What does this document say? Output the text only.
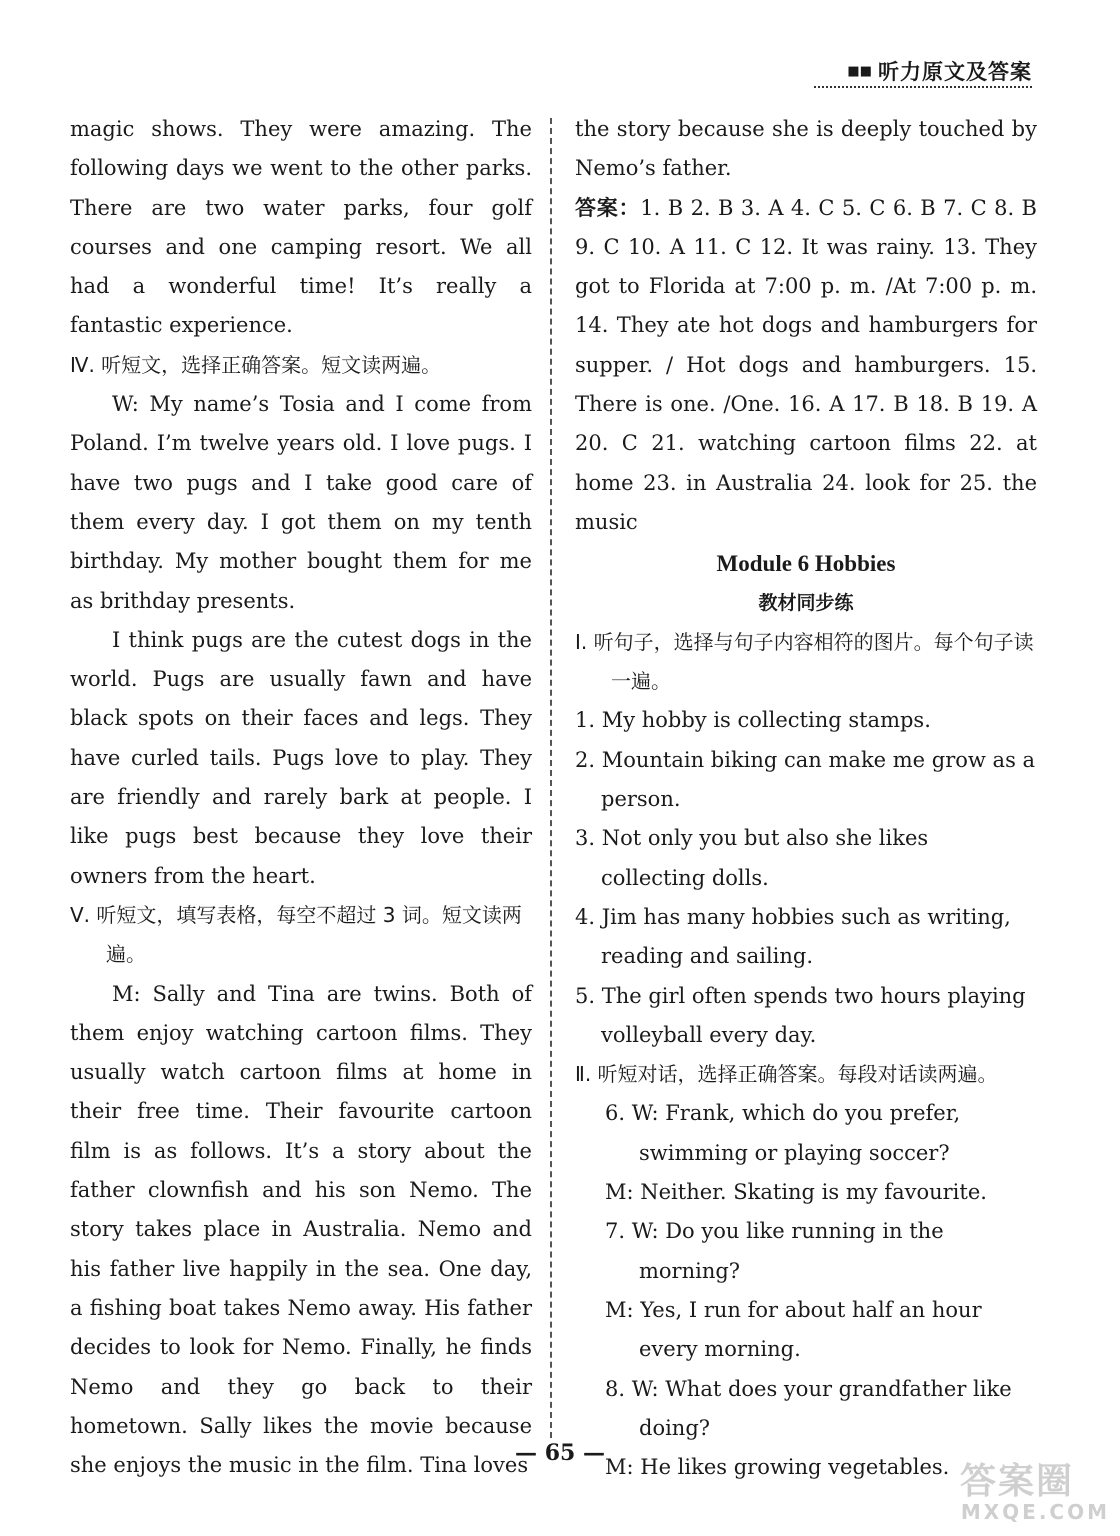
■■ 听力原文及答案

magic shows. They were amazing. The following days we went to the other parks. There are two water parks, four golf courses and one camping resort. We all had a wonderful time! It’s really a fantastic experience.

Ⅳ. 听短文，选择正确答案。短文读两遍。

W: My name’s Tosia and I come from Poland. I’m twelve years old. I love pugs. I have two pugs and I take good care of them every day. I got them on my tenth birthday. My mother bought them for me as brithday presents.

I think pugs are the cutest dogs in the world. Pugs are usually fawn and have black spots on their faces and legs. They have curled tails. Pugs love to play. They are friendly and rarely bark at people. I like pugs best because they love their owners from the heart.

Ⅴ. 听短文，填写表格，每空不超过 3 词。短文读两遍。

M: Sally and Tina are twins. Both of them enjoy watching cartoon films. They usually watch cartoon films at home in their free time. Their favourite cartoon film is as follows. It’s a story about the father clownfish and his son Nemo. The story takes place in Australia. Nemo and his father live happily in the sea. One day, a fishing boat takes Nemo away. His father decides to look for Nemo. Finally, he finds Nemo and they go back to their hometown. Sally likes the movie because she enjoys the music in the film. Tina loves

the story because she is deeply touched by Nemo’s father.

答案：1. B 2. B 3. A 4. C 5. C 6. B 7. C 8. B 9. C 10. A 11. C 12. It was rainy. 13. They got to Florida at 7:00 p. m. /At 7:00 p. m. 14. They ate hot dogs and hamburgers for supper. / Hot dogs and hamburgers. 15. There is one. /One. 16. A 17. B 18. B 19. A 20. C 21. watching cartoon films 22. at home 23. in Australia 24. look for 25. the music

Module 6 Hobbies

教材同步练

Ⅰ. 听句子，选择与句子内容相符的图片。每个句子读一遍。

1. My hobby is collecting stamps.

2. Mountain biking can make me grow as a person.

3. Not only you but also she likes collecting dolls.

4. Jim has many hobbies such as writing, reading and sailing.

5. The girl often spends two hours playing volleyball every day.

Ⅱ. 听短对话，选择正确答案。每段对话读两遍。

6. W: Frank, which do you prefer, swimming or playing soccer?

M: Neither. Skating is my favourite.

7. W: Do you like running in the morning?

M: Yes, I run for about half an hour every morning.

8. W: What does your grandfather like doing?

M: He likes growing vegetables.

— 65 —
答案圈
MXQE.COM
